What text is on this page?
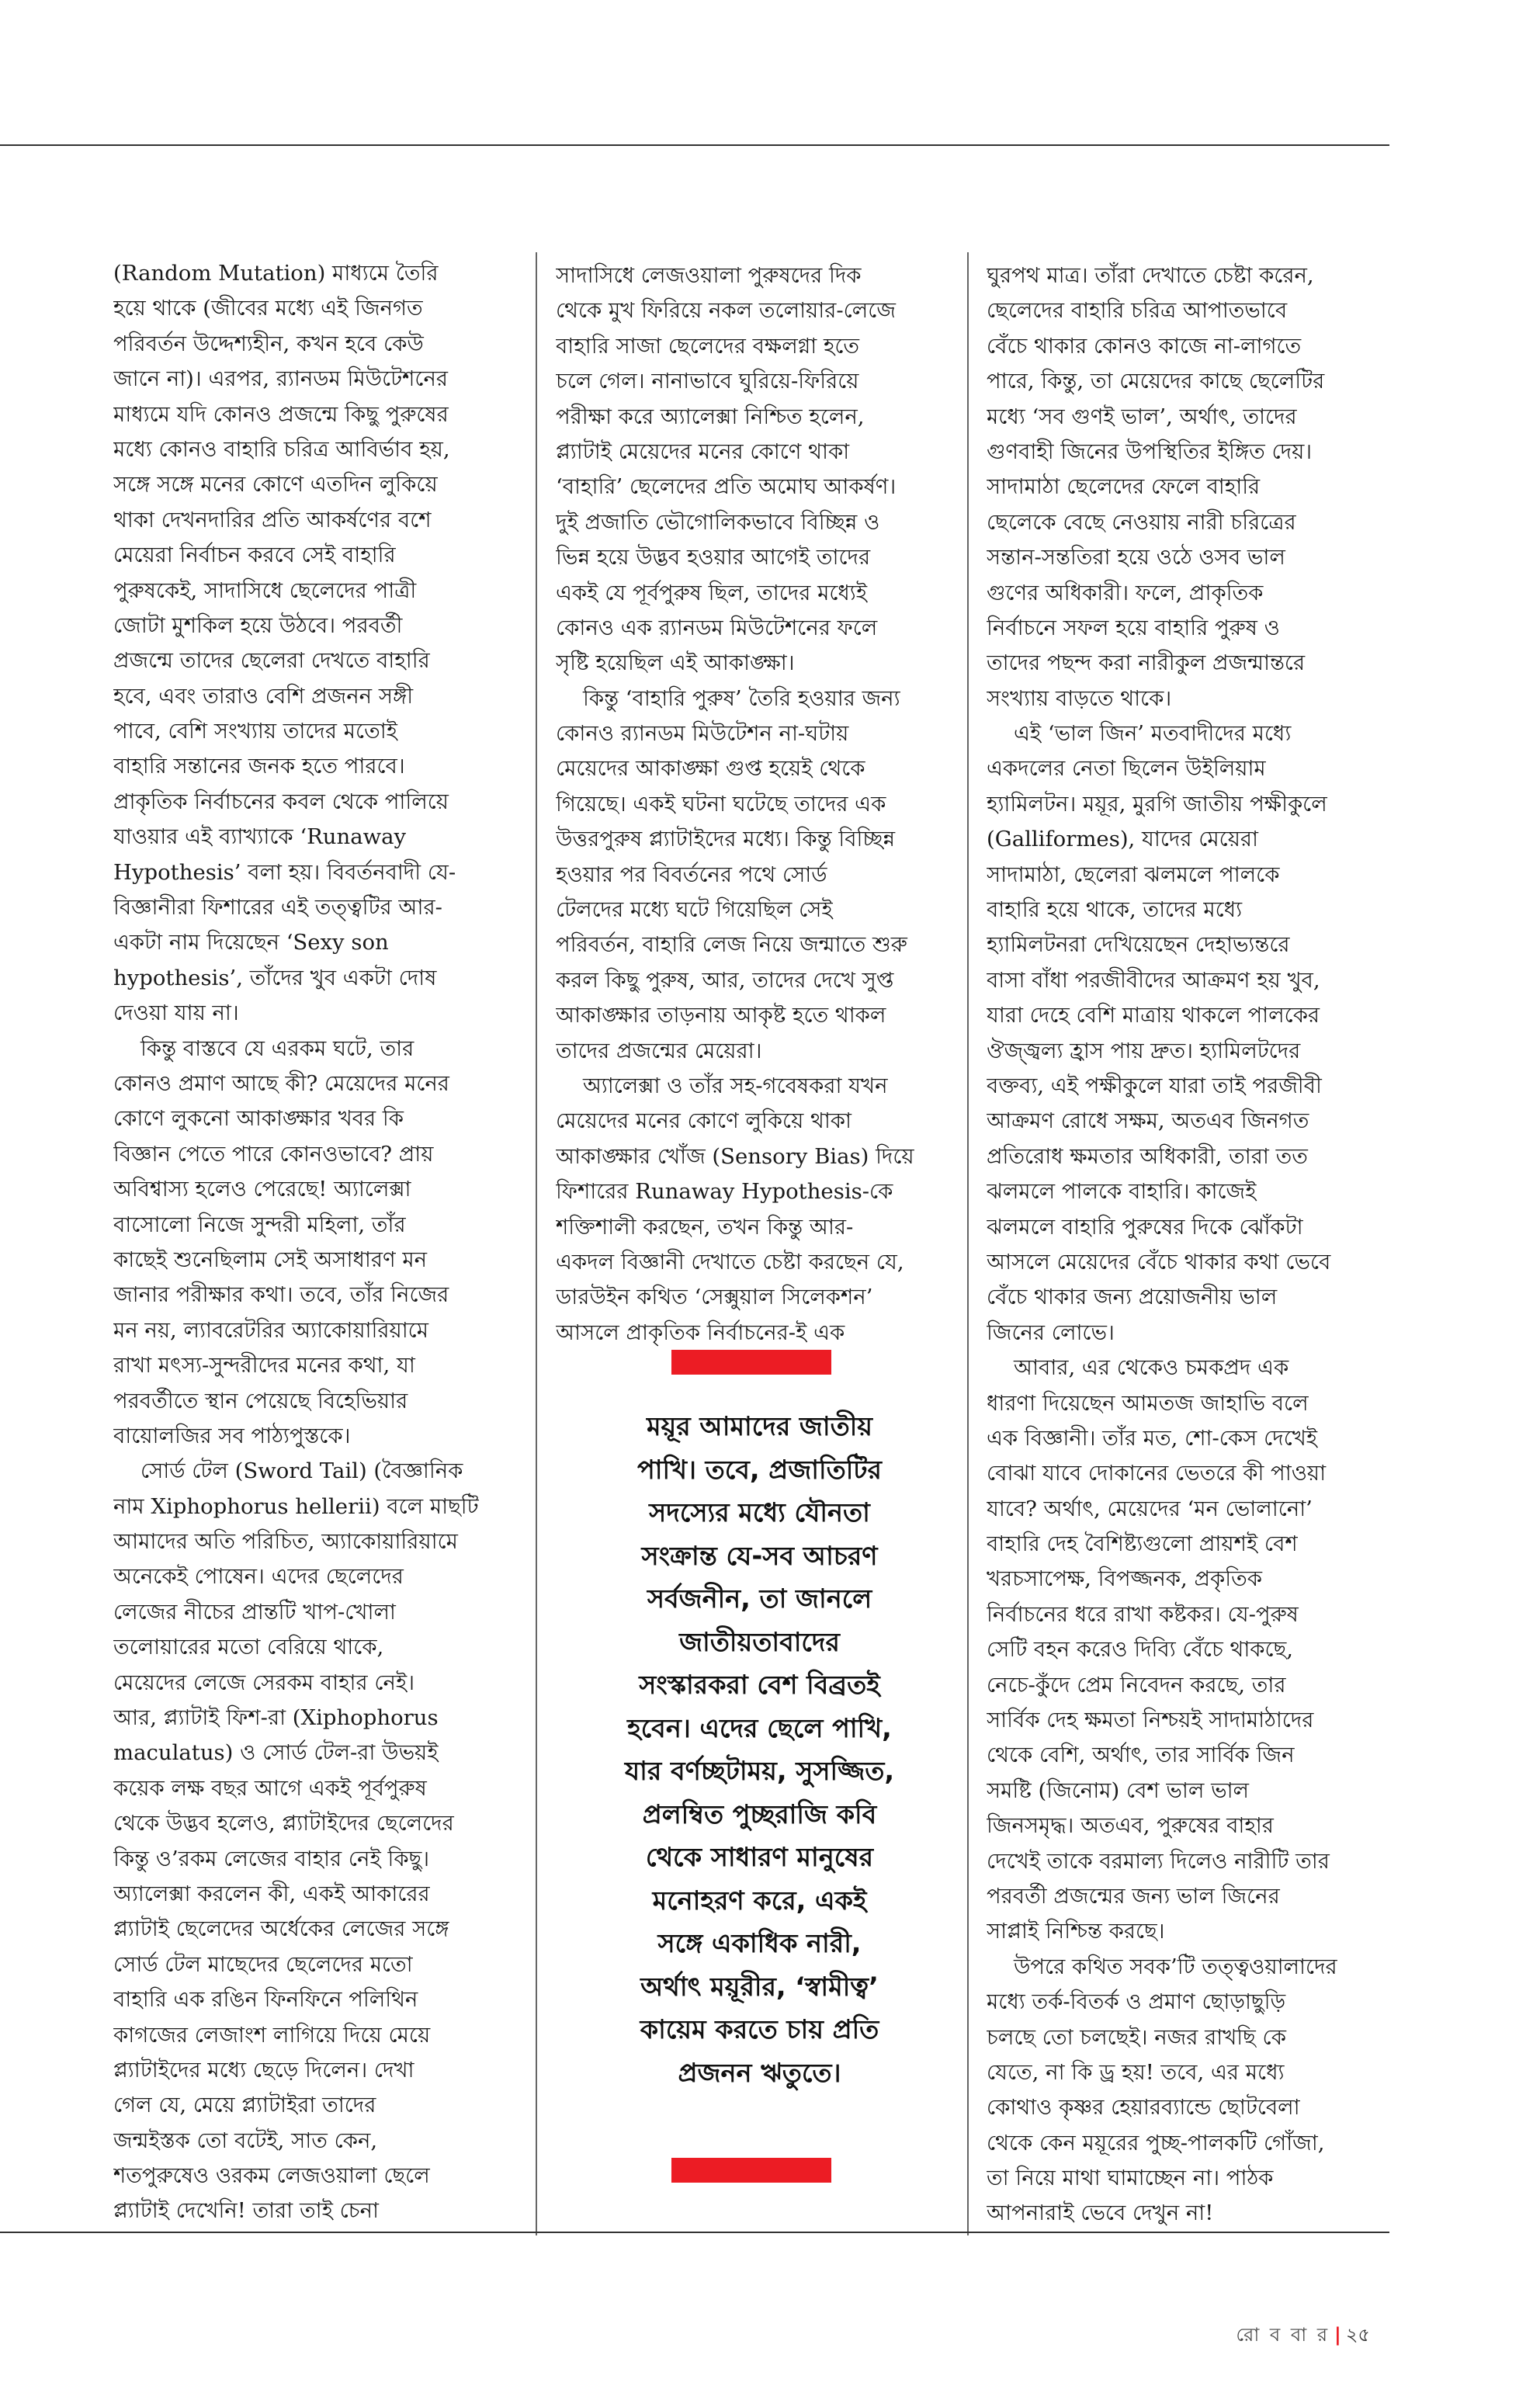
(Random Mutation) মাধ্যমে তৈরি
হয়ে থাকে (জীবের মধ্যে এই জিনগত
পরিবর্তন উদ্দেশ্যহীন, কখন হবে কেউ
জানে না)। এরপর, র‍্যানডম মিউটেশনের
মাধ্যমে যদি কোনও প্রজন্মে কিছু পুরুষের
মধ্যে কোনও বাহারি চরিত্র আবির্ভাব হয়,
সঙ্গে সঙ্গে মনের কোণে এতদিন লুকিয়ে
থাকা দেখনদারির প্রতি আকর্ষণের বশে
মেয়েরা নির্বাচন করবে সেই বাহারি
পুরুষকেই, সাদাসিধে ছেলেদের পাত্রী
জোটা মুশকিল হয়ে উঠবে। পরবর্তী
প্রজন্মে তাদের ছেলেরা দেখতে বাহারি
হবে, এবং তারাও বেশি প্রজনন সঙ্গী
পাবে, বেশি সংখ্যায় তাদের মতোই
বাহারি সন্তানের জনক হতে পারবে।
প্রাকৃতিক নির্বাচনের কবল থেকে পালিয়ে
যাওয়ার এই ব্যাখ্যাকে ‘Runaway
Hypothesis’ বলা হয়। বিবর্তনবাদী যে-
বিজ্ঞানীরা ফিশারের এই তত্ত্বটির আর-
একটা নাম দিয়েছেন ‘Sexy son
hypothesis’, তাঁদের খুব একটা দোষ
দেওয়া যায় না।
কিন্তু বাস্তবে যে এরকম ঘটে, তার
কোনও প্রমাণ আছে কী? মেয়েদের মনের
কোণে লুকনো আকাঙ্ক্ষার খবর কি
বিজ্ঞান পেতে পারে কোনওভাবে? প্রায়
অবিশ্বাস্য হলেও পেরেছে! অ্যালেক্সা
বাসোলো নিজে সুন্দরী মহিলা, তাঁর
কাছেই শুনেছিলাম সেই অসাধারণ মন
জানার পরীক্ষার কথা। তবে, তাঁর নিজের
মন নয়, ল্যাবরেটরির অ্যাকোয়ারিয়ামে
রাখা মৎস্য-সুন্দরীদের মনের কথা, যা
পরবর্তীতে স্থান পেয়েছে বিহেভিয়ার
বায়োলজির সব পাঠ্যপুস্তকে।
সোর্ড টেল (Sword Tail) (বৈজ্ঞানিক
নাম Xiphophorus hellerii) বলে মাছটি
আমাদের অতি পরিচিত, অ্যাকোয়ারিয়ামে
অনেকেই পোষেন। এদের ছেলেদের
লেজের নীচের প্রান্তটি খাপ-খোলা
তলোয়ারের মতো বেরিয়ে থাকে,
মেয়েদের লেজে সেরকম বাহার নেই।
আর, প্ল্যাটাই ফিশ-রা (Xiphophorus
maculatus) ও সোর্ড টেল-রা উভয়ই
কয়েক লক্ষ বছর আগে একই পূর্বপুরুষ
থেকে উদ্ভব হলেও, প্ল্যাটাইদের ছেলেদের
কিন্তু ও’রকম লেজের বাহার নেই কিছু।
অ্যালেক্সা করলেন কী, একই আকারের
প্ল্যাটাই ছেলেদের অর্ধেকের লেজের সঙ্গে
সোর্ড টেল মাছেদের ছেলেদের মতো
বাহারি এক রঙিন ফিনফিনে পলিথিন
কাগজের লেজাংশ লাগিয়ে দিয়ে মেয়ে
প্ল্যাটাইদের মধ্যে ছেড়ে দিলেন। দেখা
গেল যে, মেয়ে প্ল্যাটাইরা তাদের
জন্মইস্তক তো বটেই, সাত কেন,
শতপুরুষেও ওরকম লেজওয়ালা ছেলে
প্ল্যাটাই দেখেনি! তারা তাই চেনা
সাদাসিধে লেজওয়ালা পুরুষদের দিক
থেকে মুখ ফিরিয়ে নকল তলোয়ার-লেজে
বাহারি সাজা ছেলেদের বক্ষলগ্না হতে
চলে গেল। নানাভাবে ঘুরিয়ে-ফিরিয়ে
পরীক্ষা করে অ্যালেক্সা নিশ্চিত হলেন,
প্ল্যাটাই মেয়েদের মনের কোণে থাকা
‘বাহারি’ ছেলেদের প্রতি অমোঘ আকর্ষণ।
দুই প্রজাতি ভৌগোলিকভাবে বিচ্ছিন্ন ও
ভিন্ন হয়ে উদ্ভব হওয়ার আগেই তাদের
একই যে পূর্বপুরুষ ছিল, তাদের মধ্যেই
কোনও এক র‍্যানডম মিউটেশনের ফলে
সৃষ্টি হয়েছিল এই আকাঙ্ক্ষা।
কিন্তু ‘বাহারি পুরুষ’ তৈরি হওয়ার জন্য
কোনও র‍্যানডম মিউটেশন না-ঘটায়
মেয়েদের আকাঙ্ক্ষা গুপ্ত হয়েই থেকে
গিয়েছে। একই ঘটনা ঘটেছে তাদের এক
উত্তরপুরুষ প্ল্যাটাইদের মধ্যে। কিন্তু বিচ্ছিন্ন
হওয়ার পর বিবর্তনের পথে সোর্ড
টেলদের মধ্যে ঘটে গিয়েছিল সেই
পরিবর্তন, বাহারি লেজ নিয়ে জন্মাতে শুরু
করল কিছু পুরুষ, আর, তাদের দেখে সুপ্ত
আকাঙ্ক্ষার তাড়নায় আকৃষ্ট হতে থাকল
তাদের প্রজন্মের মেয়েরা।
অ্যালেক্সা ও তাঁর সহ-গবেষকরা যখন
মেয়েদের মনের কোণে লুকিয়ে থাকা
আকাঙ্ক্ষার খোঁজ (Sensory Bias) দিয়ে
ফিশারের Runaway Hypothesis-কে
শক্তিশালী করছেন, তখন কিন্তু আর-
একদল বিজ্ঞানী দেখাতে চেষ্টা করছেন যে,
ডারউইন কথিত ‘সেক্সুয়াল সিলেকশন’
আসলে প্রাকৃতিক নির্বাচনের-ই এক
ঘুরপথ মাত্র। তাঁরা দেখাতে চেষ্টা করেন,
ছেলেদের বাহারি চরিত্র আপাতভাবে
বেঁচে থাকার কোনও কাজে না-লাগতে
পারে, কিন্তু, তা মেয়েদের কাছে ছেলেটির
মধ্যে ‘সব গুণই ভাল’, অর্থাৎ, তাদের
গুণবাহী জিনের উপস্থিতির ইঙ্গিত দেয়।
সাদামাঠা ছেলেদের ফেলে বাহারি
ছেলেকে বেছে নেওয়ায় নারী চরিত্রের
সন্তান-সন্ততিরা হয়ে ওঠে ওসব ভাল
গুণের অধিকারী। ফলে, প্রাকৃতিক
নির্বাচনে সফল হয়ে বাহারি পুরুষ ও
তাদের পছন্দ করা নারীকুল প্রজন্মান্তরে
সংখ্যায় বাড়তে থাকে।
এই ‘ভাল জিন’ মতবাদীদের মধ্যে
একদলের নেতা ছিলেন উইলিয়াম
হ্যামিলটন। ময়ূর, মুরগি জাতীয় পক্ষীকুলে
(Galliformes), যাদের মেয়েরা
সাদামাঠা, ছেলেরা ঝলমলে পালকে
বাহারি হয়ে থাকে, তাদের মধ্যে
হ্যামিলটনরা দেখিয়েছেন দেহাভ্যন্তরে
বাসা বাঁধা পরজীবীদের আক্রমণ হয় খুব,
যারা দেহে বেশি মাত্রায় থাকলে পালকের
ঔজ্জ্বল্য হ্রাস পায় দ্রুত। হ্যামিলটদের
বক্তব্য, এই পক্ষীকুলে যারা তাই পরজীবী
আক্রমণ রোধে সক্ষম, অতএব জিনগত
প্রতিরোধ ক্ষমতার অধিকারী, তারা তত
ঝলমলে পালকে বাহারি। কাজেই
ঝলমলে বাহারি পুরুষের দিকে ঝোঁকটা
আসলে মেয়েদের বেঁচে থাকার কথা ভেবে
বেঁচে থাকার জন্য প্রয়োজনীয় ভাল
জিনের লোভে।
আবার, এর থেকেও চমকপ্রদ এক
ধারণা দিয়েছেন আমতজ জাহাভি বলে
এক বিজ্ঞানী। তাঁর মত, শো-কেস দেখেই
বোঝা যাবে দোকানের ভেতরে কী পাওয়া
যাবে? অর্থাৎ, মেয়েদের ‘মন ভোলানো’
বাহারি দেহ বৈশিষ্ট্যগুলো প্রায়শই বেশ
খরচসাপেক্ষ, বিপজ্জনক, প্রকৃতিক
নির্বাচনের ধরে রাখা কষ্টকর। যে-পুরুষ
সেটি বহন করেও দিব্যি বেঁচে থাকছে,
নেচে-কুঁদে প্রেম নিবেদন করছে, তার
সার্বিক দেহ ক্ষমতা নিশ্চয়ই সাদামাঠাদের
থেকে বেশি, অর্থাৎ, তার সার্বিক জিন
সমষ্টি (জিনোম) বেশ ভাল ভাল
জিনসমৃদ্ধ। অতএব, পুরুষের বাহার
দেখেই তাকে বরমাল্য দিলেও নারীটি তার
পরবর্তী প্রজন্মের জন্য ভাল জিনের
সাপ্লাই নিশ্চিন্ত করছে।
উপরে কথিত সবক’টি তত্ত্বওয়ালাদের
মধ্যে তর্ক-বিতর্ক ও প্রমাণ ছোড়াছুড়ি
চলছে তো চলছেই। নজর রাখছি কে
যেতে, না কি ড্র হয়! তবে, এর মধ্যে
কোথাও কৃষ্ণর হেয়ারব্যান্ডে ছোটবেলা
থেকে কেন ময়ূরের পুচ্ছ-পালকটি গোঁজা,
তা নিয়ে মাথা ঘামাচ্ছেন না। পাঠক
আপনারাই ভেবে দেখুন না!
ময়ূর আমাদের জাতীয়
পাখি। তবে, প্রজাতিটির
সদস্যের মধ্যে যৌনতা
সংক্রান্ত যে-সব আচরণ
সর্বজনীন, তা জানলে
জাতীয়তাবাদের
সংস্কারকরা বেশ বিব্রতই
হবেন। এদের ছেলে পাখি,
যার বর্ণচ্ছটাময়, সুসজ্জিত,
প্রলম্বিত পুচ্ছরাজি কবি
থেকে সাধারণ মানুষের
মনোহরণ করে, একই
সঙ্গে একাধিক নারী,
অর্থাৎ ময়ূরীর, ‘স্বামীত্ব’
কায়েম করতে চায় প্রতি
প্রজনন ঋতুতে।
রো ব বা র | ২৫
